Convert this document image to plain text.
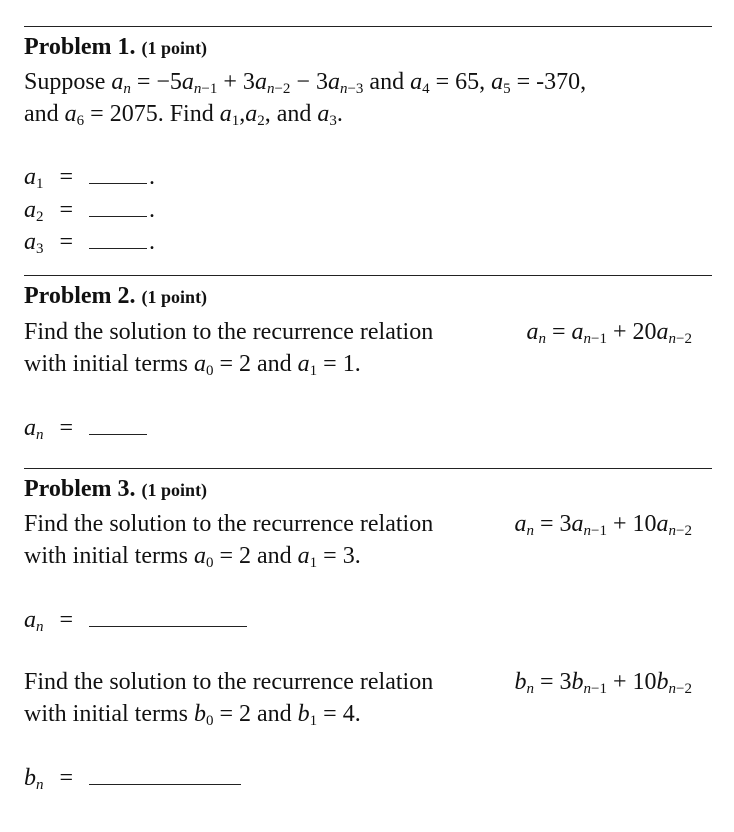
Problem 1. (1 point)
Suppose $a_n = -5a_{n-1} + 3a_{n-2} - 3a_{n-3}$ and $a_4 = 65$, $a_5 = -370$,
and $a_6 = 2075$. Find $a_1,a_2$, and $a_3$.
$a_1$ =	.
$a_2$ =	.
$a_3$ =	.
Problem 2. (1 point)
Find the solution to the recurrence relation	$a_n = a_{n-1} + 20a_{n-2}$
with initial terms $a_0 = 2$ and $a_1 = 1$.
$a_n$ =
Problem 3. (1 point)
Find the solution to the recurrence relation	$a_n = 3a_{n-1} + 10a_{n-2}$
with initial terms $a_0 = 2$ and $a_1 = 3$.
$a_n$ =
Find the solution to the recurrence relation	$b_n = 3b_{n-1} + 10b_{n-2}$
with initial terms $b_0 = 2$ and $b_1 = 4$.
$b_n$ =
